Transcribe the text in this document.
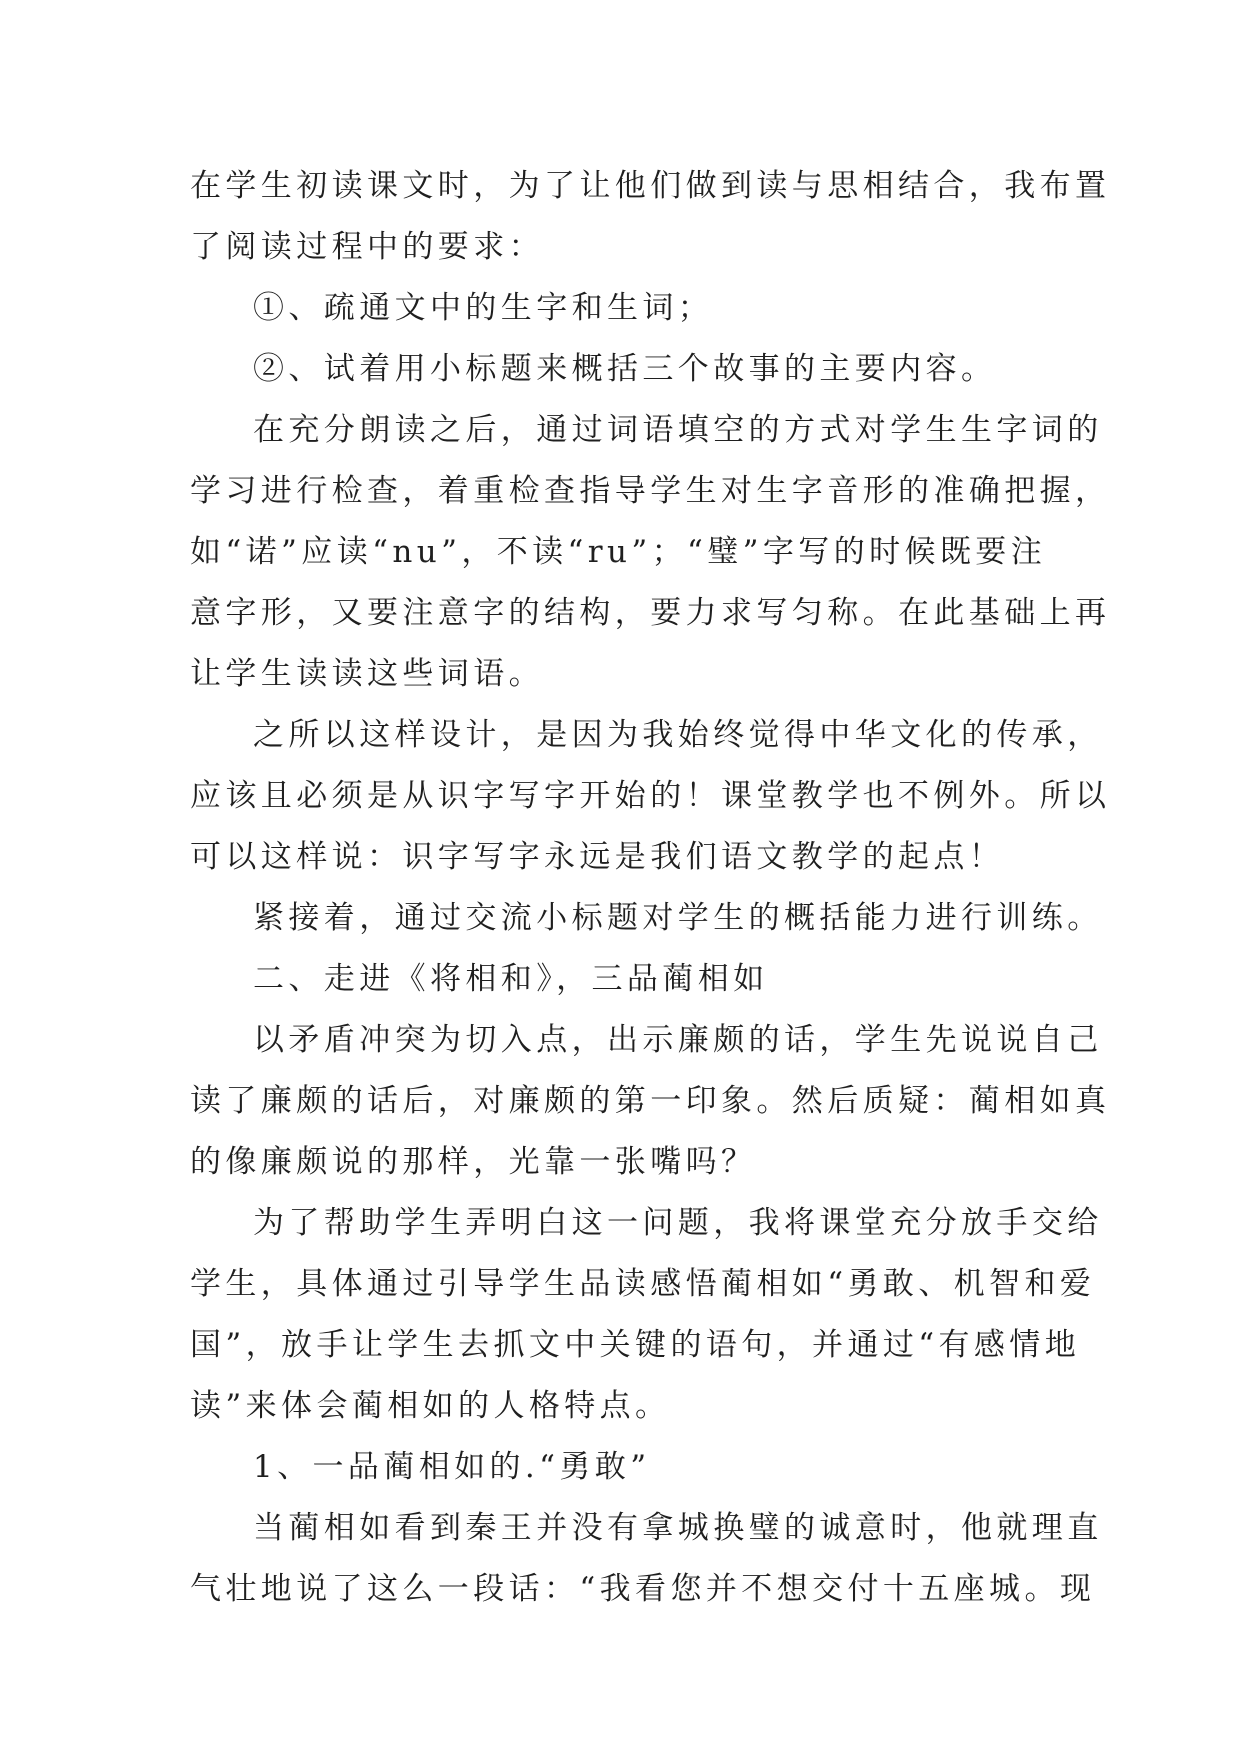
在学生初读课文时，为了让他们做到读与思相结合，我布置
了阅读过程中的要求：
①、疏通文中的生字和生词；
②、试着用小标题来概括三个故事的主要内容。
在充分朗读之后，通过词语填空的方式对学生生字词的
学习进行检查，着重检查指导学生对生字音形的准确把握，
如“诺”应读“nu”，不读“ru”；“璧”字写的时候既要注
意字形，又要注意字的结构，要力求写匀称。在此基础上再
让学生读读这些词语。
之所以这样设计，是因为我始终觉得中华文化的传承，
应该且必须是从识字写字开始的！课堂教学也不例外。所以
可以这样说：识字写字永远是我们语文教学的起点！
紧接着，通过交流小标题对学生的概括能力进行训练。
二、走进《将相和》，三品蔺相如
以矛盾冲突为切入点，出示廉颇的话，学生先说说自己
读了廉颇的话后，对廉颇的第一印象。然后质疑：蔺相如真
的像廉颇说的那样，光靠一张嘴吗？
为了帮助学生弄明白这一问题，我将课堂充分放手交给
学生，具体通过引导学生品读感悟蔺相如“勇敢、机智和爱
国”，放手让学生去抓文中关键的语句，并通过“有感情地
读”来体会蔺相如的人格特点。
1、一品蔺相如的.“勇敢”
当蔺相如看到秦王并没有拿城换璧的诚意时，他就理直
气壮地说了这么一段话：“我看您并不想交付十五座城。现
